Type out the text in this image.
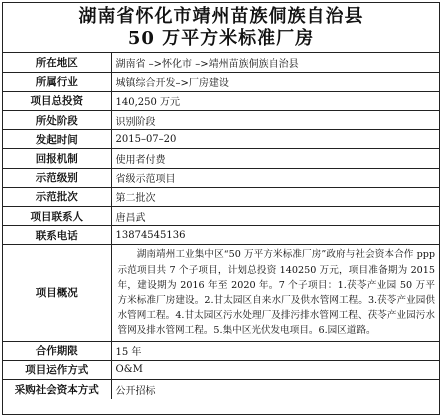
湖南省怀化市靖州苗族侗族自治县
50 万平方米标准厂房
所在地区	湖南省 –>怀化市 –>靖州苗族侗族自治县
所属行业	城镇综合开发–>厂房建设
项目总投资	140,250 万元
所处阶段	识别阶段
发起时间	2015–07–20
回报机制	使用者付费
示范级别	省级示范项目
示范批次	第二批次
项目联系人	唐昌武
联系电话	13874545136
项目概况	湖南靖州工业集中区“50 万平方米标准厂房”政府与社会资本合作 ppp 示范项目共 7 个子项目，计划总投资 140250 万元，项目准备期为 2015 年，建设期为 2016 年至 2020 年。7 个子项目：1.茯苓产业园 50 万平方米标准厂房建设。2.甘太园区自来水厂及供水管网工程。3.茯苓产业园供水管网工程。4.甘太园区污水处理厂及排污排水管网工程、茯苓产业园污水管网及排水管网工程。5.集中区光伏发电项目。6.园区道路。
合作期限	15 年
项目运作方式	O&M
采购社会资本方式	公开招标
